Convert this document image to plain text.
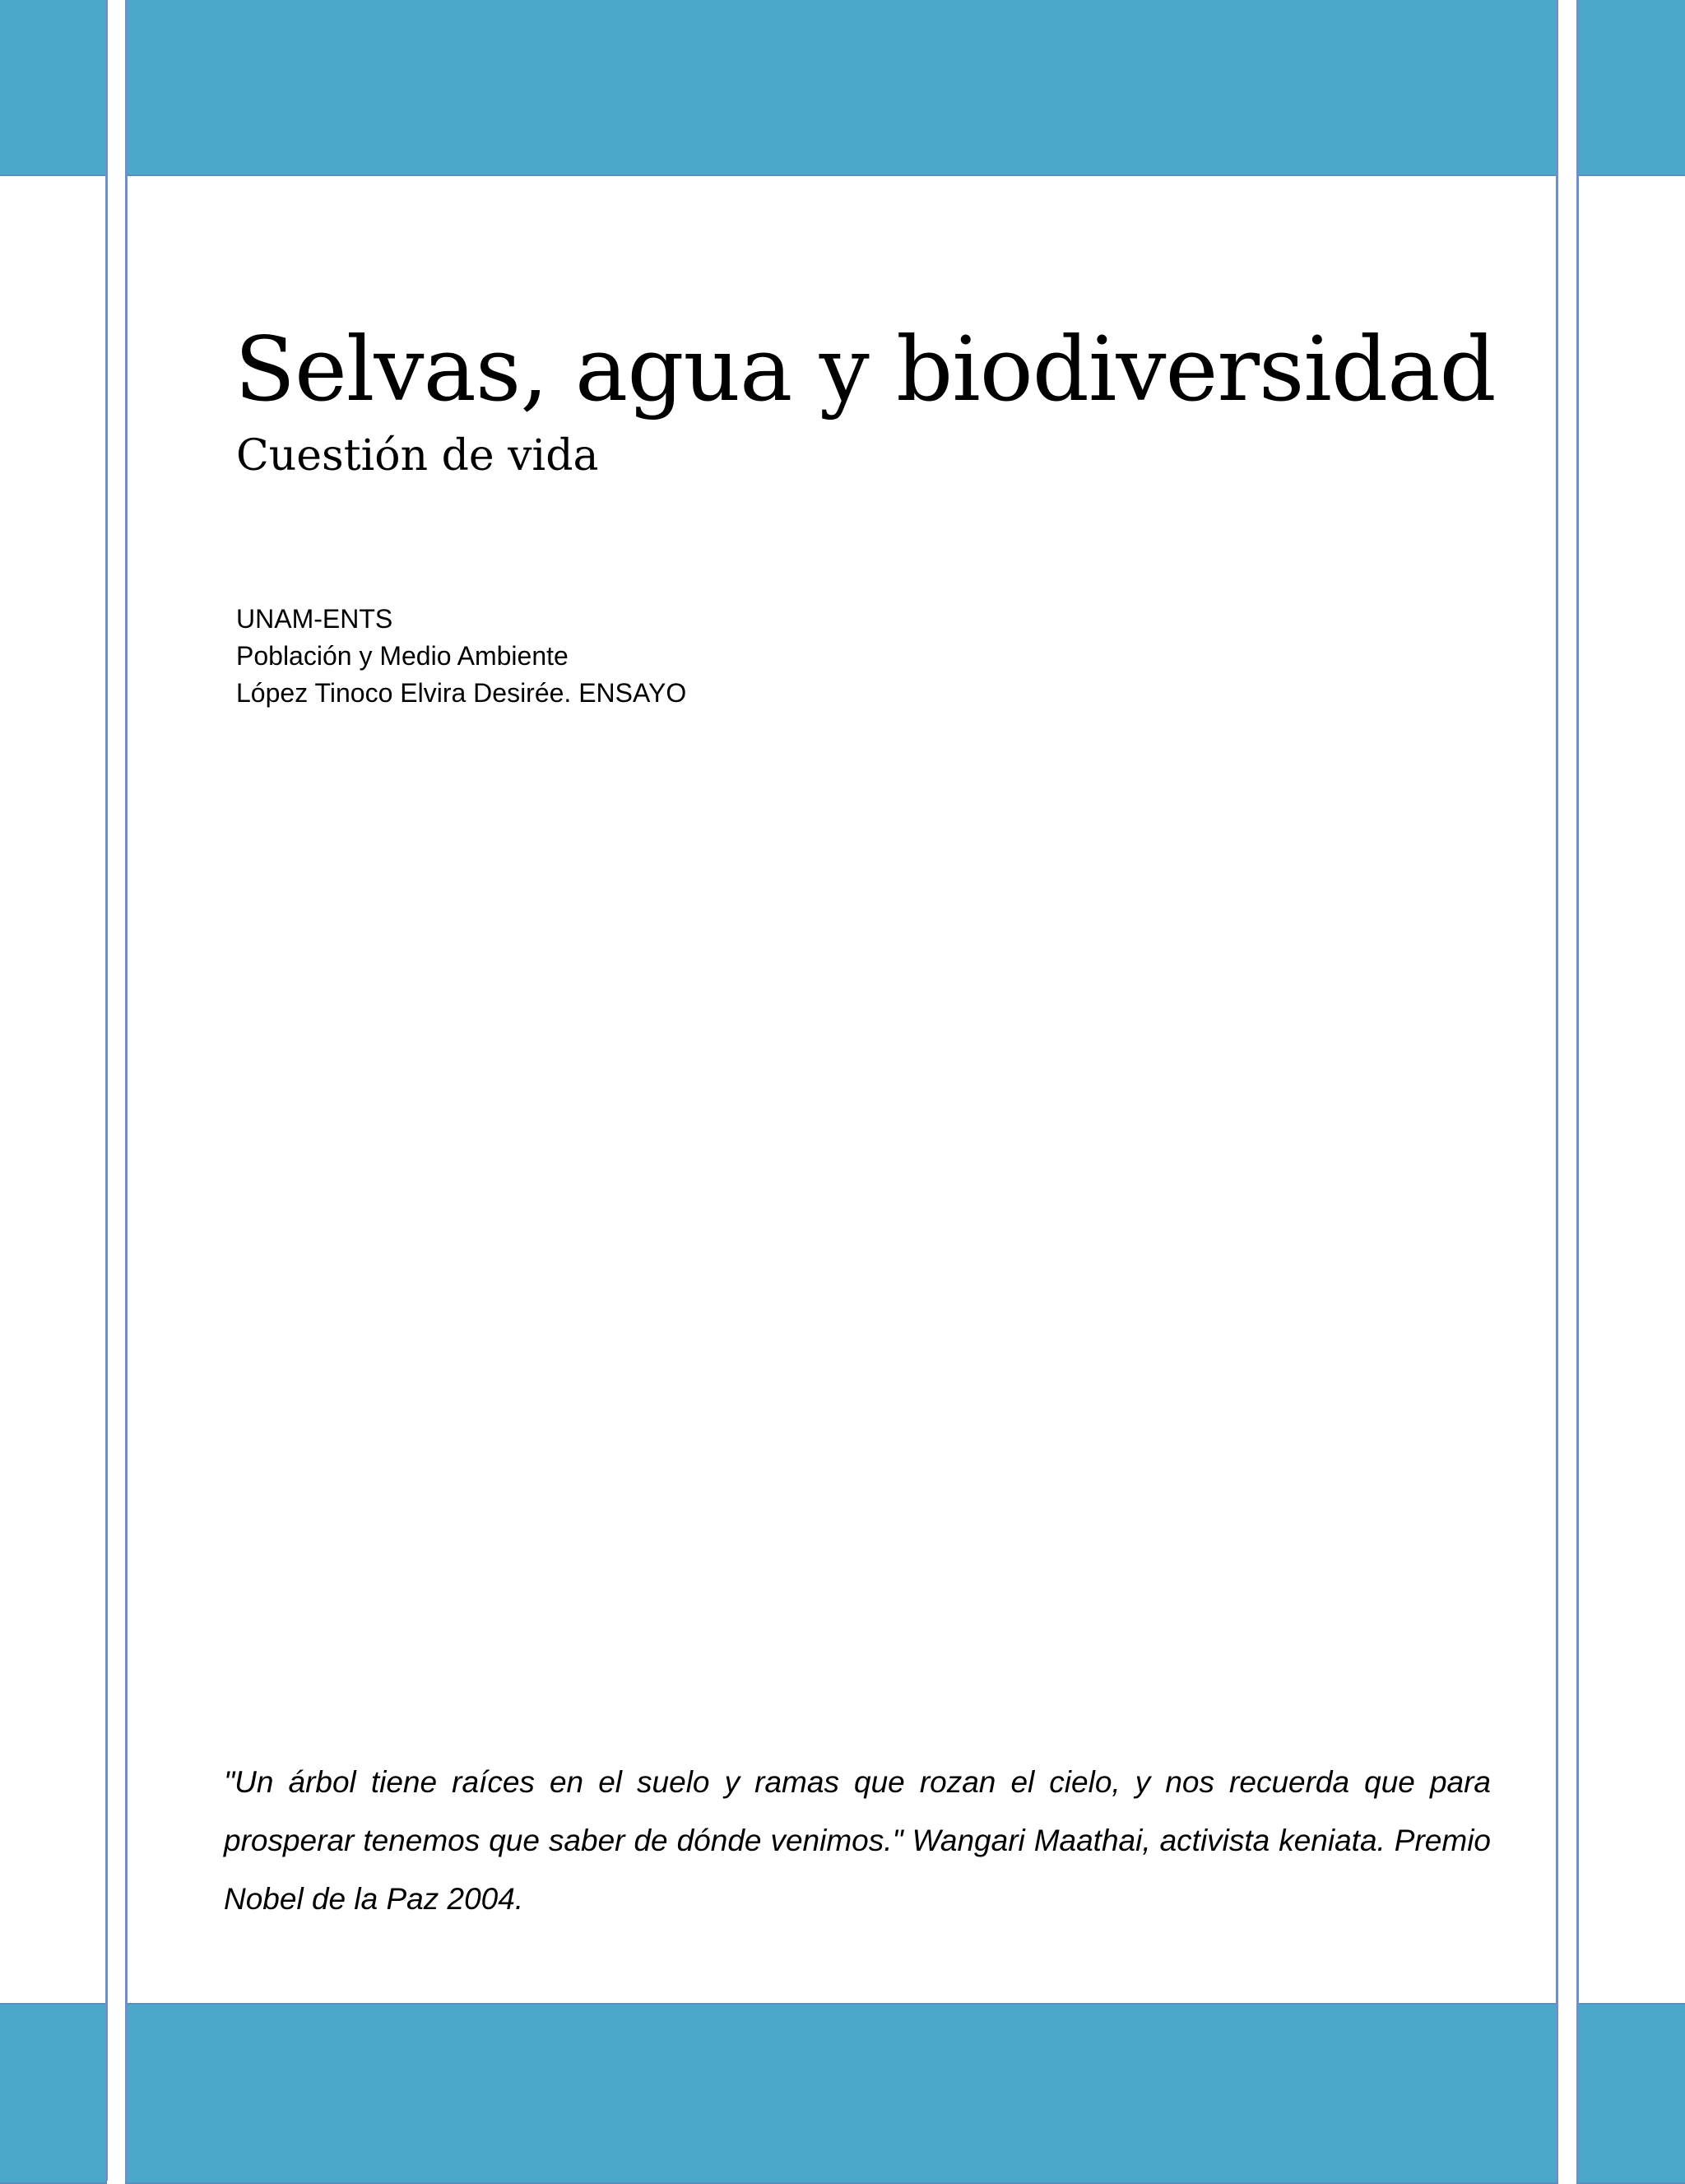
Selvas, agua y biodiversidad
Cuestión de vida
UNAM-ENTS
Población y Medio Ambiente
López Tinoco Elvira Desirée. ENSAYO

"Un árbol tiene raíces en el suelo y ramas que rozan el cielo, y nos recuerda que para prosperar tenemos que saber de dónde venimos." Wangari Maathai, activista keniata. Premio Nobel de la Paz 2004.
